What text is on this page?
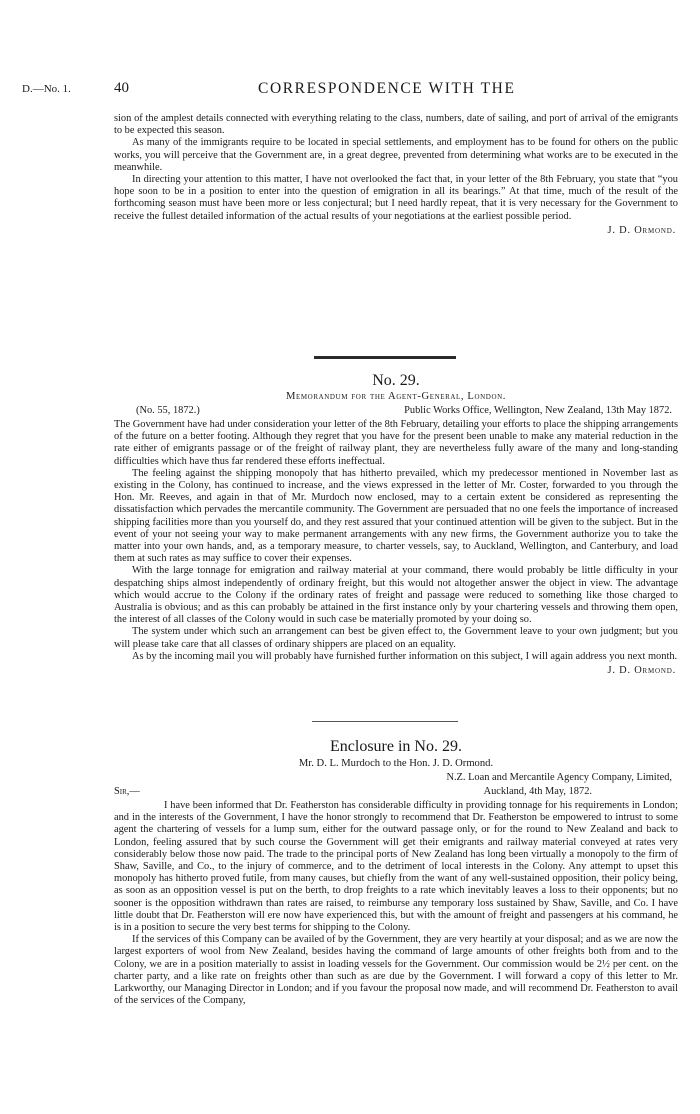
D.—No. 1.	40	CORRESPONDENCE WITH THE

sion of the amplest details connected with everything relating to the class, numbers, date of sailing, and port of arrival of the emigrants to be expected this season.

As many of the immigrants require to be located in special settlements, and employment has to be found for others on the public works, you will perceive that the Government are, in a great degree, prevented from determining what works are to be executed in the meanwhile.

In directing your attention to this matter, I have not overlooked the fact that, in your letter of the 8th February, you state that “you hope soon to be in a position to enter into the question of emigration in all its bearings.” At that time, much of the result of the forthcoming season must have been more or less conjectural; but I need hardly repeat, that it is very necessary for the Government to receive the fullest detailed information of the actual results of your negotiations at the earliest possible period.

J. D. Ormond.

No. 29.
Memorandum for the Agent-General, London.
(No. 55, 1872.)	Public Works Office, Wellington, New Zealand, 13th May 1872.

The Government have had under consideration your letter of the 8th February, detailing your efforts to place the shipping arrangements of the future on a better footing. Although they regret that you have for the present been unable to make any material reduction in the rate either of emigrants passage or of the freight of railway plant, they are nevertheless fully aware of the many and long-standing difficulties which have thus far rendered these efforts ineffectual.

The feeling against the shipping monopoly that has hitherto prevailed, which my predecessor mentioned in November last as existing in the Colony, has continued to increase, and the views expressed in the letter of Mr. Coster, forwarded to you through the Hon. Mr. Reeves, and again in that of Mr. Murdoch now enclosed, may to a certain extent be considered as representing the dissatisfaction which pervades the mercantile community. The Government are persuaded that no one feels the importance of increased shipping facilities more than you yourself do, and they rest assured that your continued attention will be given to the subject. But in the event of your not seeing your way to make permanent arrangements with any new firms, the Government authorize you to take the matter into your own hands, and, as a temporary measure, to charter vessels, say, to Auckland, Wellington, and Canterbury, and load them at such rates as may suffice to cover their expenses.

With the large tonnage for emigration and railway material at your command, there would probably be little difficulty in your despatching ships almost independently of ordinary freight, but this would not altogether answer the object in view. The advantage which would accrue to the Colony if the ordinary rates of freight and passage were reduced to something like those charged to Australia is obvious; and as this can probably be attained in the first instance only by your chartering vessels and throwing them open, the interest of all classes of the Colony would in such case be materially promoted by your doing so.

The system under which such an arrangement can best be given effect to, the Government leave to your own judgment; but you will please take care that all classes of ordinary shippers are placed on an equality.

As by the incoming mail you will probably have furnished further information on this subject, I will again address you next month.

J. D. Ormond.

Enclosure in No. 29.
Mr. D. L. Murdoch to the Hon. J. D. Ormond.
N.Z. Loan and Mercantile Agency Company, Limited,
Sir,—	Auckland, 4th May, 1872.

I have been informed that Dr. Featherston has considerable difficulty in providing tonnage for his requirements in London; and in the interests of the Government, I have the honor strongly to recommend that Dr. Featherston be empowered to intrust to some agent the chartering of vessels for a lump sum, either for the outward passage only, or for the round to New Zealand and back to London, feeling assured that by such course the Government will get their emigrants and railway material conveyed at rates very considerably below those now paid. The trade to the principal ports of New Zealand has long been virtually a monopoly to the firm of Shaw, Saville, and Co., to the injury of commerce, and to the detriment of local interests in the Colony. Any attempt to upset this monopoly has hitherto proved futile, from many causes, but chiefly from the want of any well-sustained opposition, their policy being, as soon as an opposition vessel is put on the berth, to drop freights to a rate which inevitably leaves a loss to their opponents; but no sooner is the opposition withdrawn than rates are raised, to reimburse any temporary loss sustained by Shaw, Saville, and Co. I have little doubt that Dr. Featherston will ere now have experienced this, but with the amount of freight and passengers at his command, he is in a position to secure the very best terms for shipping to the Colony.

If the services of this Company can be availed of by the Government, they are very heartily at your disposal; and as we are now the largest exporters of wool from New Zealand, besides having the command of large amounts of other freights both from and to the Colony, we are in a position materially to assist in loading vessels for the Government. Our commission would be 2½ per cent. on the charter party, and a like rate on freights other than such as are due by the Government. I will forward a copy of this letter to Mr. Larkworthy, our Managing Director in London; and if you favour the proposal now made, and will recommend Dr. Featherston to avail of the services of the Company,
